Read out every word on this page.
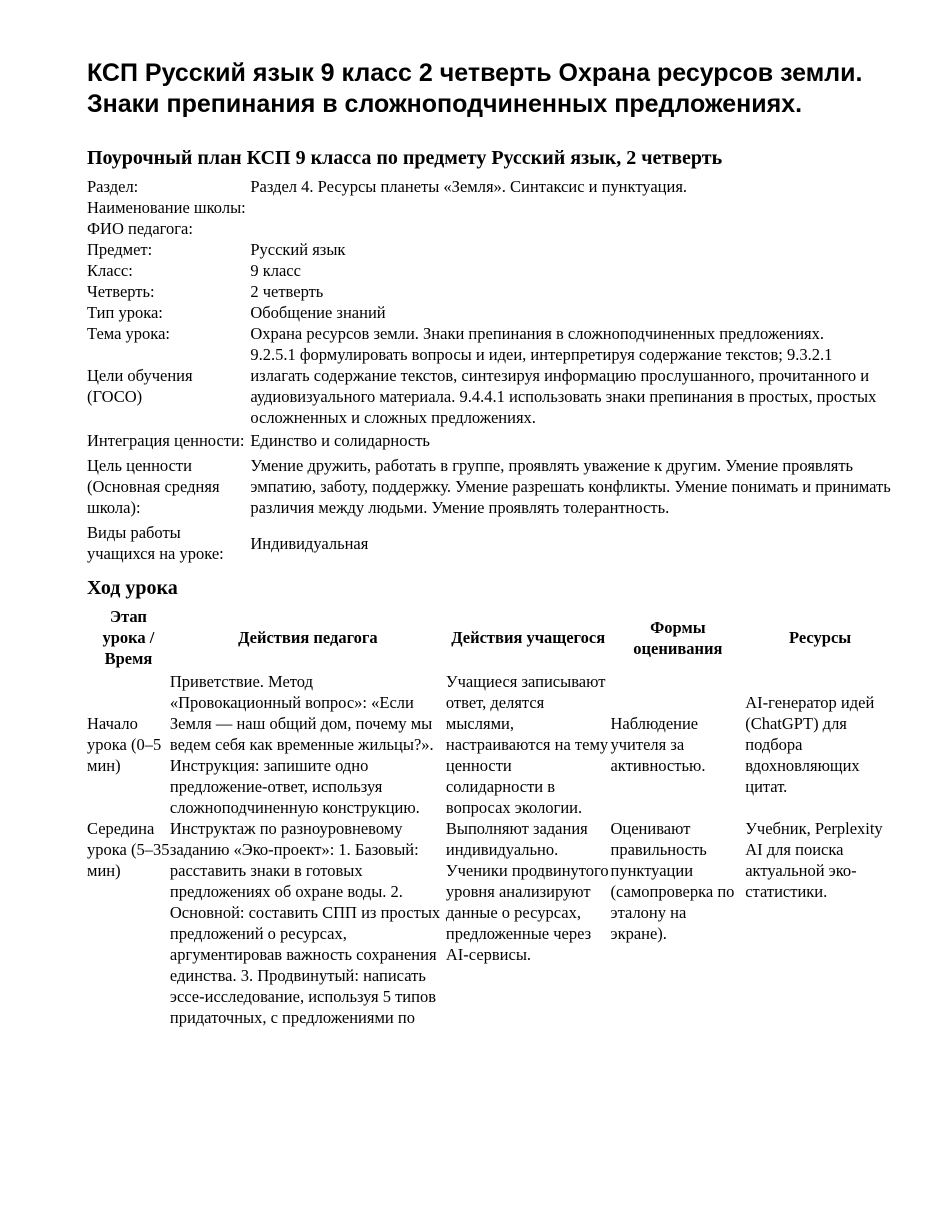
КСП Русский язык 9 класс 2 четверть Охрана ресурсов земли. Знаки препинания в сложноподчиненных предложениях.
Поурочный план КСП 9 класса по предмету Русский язык, 2 четверть
Раздел:	Раздел 4. Ресурсы планеты «Земля». Синтаксис и пунктуация.
Наименование школы:	
ФИО педагога:	
Предмет:	Русский язык
Класс:	9 класс
Четверть:	2 четверть
Тип урока:	Обобщение знаний
Тема урока:	Охрана ресурсов земли. Знаки препинания в сложноподчиненных предложениях.
Цели обучения (ГОСО)	9.2.5.1 формулировать вопросы и идеи, интерпретируя содержание текстов; 9.3.2.1 излагать содержание текстов, синтезируя информацию прослушанного, прочитанного и аудиовизуального материала. 9.4.4.1 использовать знаки препинания в простых, простых осложненных и сложных предложениях.
Интеграция ценности:	Единство и солидарность
Цель ценности (Основная средняя школа):	Умение дружить, работать в группе, проявлять уважение к другим. Умение проявлять эмпатию, заботу, поддержку. Умение разрешать конфликты. Умение понимать и принимать различия между людьми. Умение проявлять толерантность.
Виды работы учащихся на уроке:	Индивидуальная
Ход урока
Этап урока / Время	Действия педагога	Действия учащегося	Формы оценивания	Ресурсы
Начало урока (0–5 мин)	Приветствие. Метод «Провокационный вопрос»: «Если Земля — наш общий дом, почему мы ведем себя как временные жильцы?». Инструкция: запишите одно предложение-ответ, используя сложноподчиненную конструкцию.	Учащиеся записывают ответ, делятся мыслями, настраиваются на тему ценности солидарности в вопросах экологии.	Наблюдение учителя за активностью.	AI-генератор идей (ChatGPT) для подбора вдохновляющих цитат.
Середина урока (5–35 мин)	Инструктаж по разноуровневому заданию «Эко-проект»: 1. Базовый: расставить знаки в готовых предложениях об охране воды. 2. Основной: составить СПП из простых предложений о ресурсах, аргументировав важность сохранения единства. 3. Продвинутый: написать эссе-исследование, используя 5 типов придаточных, с предложениями по	Выполняют задания индивидуально. Ученики продвинутого уровня анализируют данные о ресурсах, предложенные через AI-сервисы.	Оценивают правильность пунктуации (самопроверка по эталону на экране).	Учебник, Perplexity AI для поиска актуальной эко-статистики.
